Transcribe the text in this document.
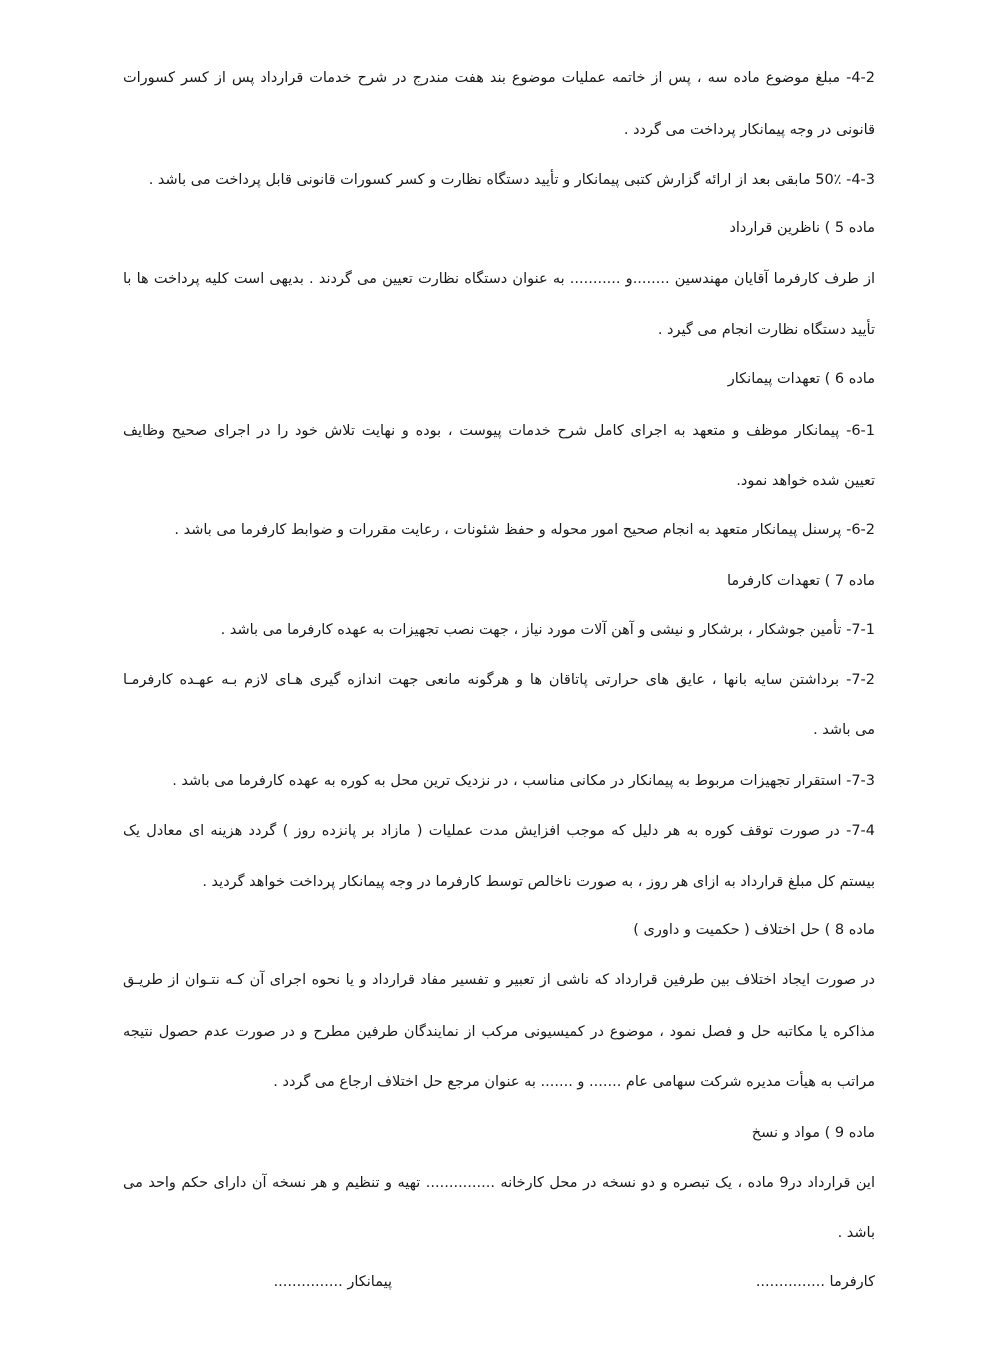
4-2- مبلغ موضوع ماده سه ، پس از خاتمه عملیات موضوع بند هفت مندرج در شرح خدمات قرارداد پس از کسر کسورات
قانونی در وجه پیمانکار پرداخت می گردد .
4-3- 50٪ مابقی بعد از ارائه گزارش کتبی پیمانکار و تأیید دستگاه نظارت و کسر کسورات قانونی قابل پرداخت می باشد .
ماده 5 ) ناظرین قرارداد
از طرف کارفرما آقایان مهندسین ........و ........... به عنوان دستگاه نظارت تعیین می گردند . بدیهی است کلیه پرداخت ها با
تأیید دستگاه نظارت انجام می گیرد .
ماده 6 ) تعهدات پیمانکار
6-1- پیمانکار موظف و متعهد به اجرای کامل شرح خدمات پیوست ، بوده و نهایت تلاش خود را در اجرای صحیح وظایف
تعیین شده خواهد نمود.
6-2- پرسنل پیمانکار متعهد به انجام صحیح امور محوله و حفظ شئونات ، رعایت مقررات و ضوابط کارفرما می باشد .
ماده 7 ) تعهدات کارفرما
7-1- تأمین جوشکار ، برشکار و نیشی و آهن آلات مورد نیاز ، جهت نصب تجهیزات به عهده کارفرما می باشد .
7-2- برداشتن سایه بانها ، عایق های حرارتی پاتاقان ها و هرگونه مانعی جهت اندازه گیری هـای لازم بـه عهـده کارفرمـا
می باشد .
7-3- استقرار تجهیزات مربوط به پیمانکار در مکانی مناسب ، در نزدیک ترین محل به کوره به عهده کارفرما می باشد .
7-4- در صورت توقف کوره به هر دلیل که موجب افزایش مدت عملیات ( مازاد بر پانزده روز ) گردد هزینه ای معادل یک
بیستم کل مبلغ قرارداد به ازای هر روز ، به صورت ناخالص توسط کارفرما در وجه پیمانکار پرداخت خواهد گردید .
ماده 8 ) حل اختلاف ( حکمیت و داوری )
در صورت ایجاد اختلاف بین طرفین قرارداد که ناشی از تعبیر و تفسیر مفاد قرارداد و یا نحوه اجرای آن کـه نتـوان از طریـق
مذاکره یا مکاتبه حل و فصل نمود ، موضوع در کمیسیونی مرکب از نمایندگان طرفین مطرح و در صورت عدم حصول نتیجه
مراتب به هیأت مدیره شرکت سهامی عام ....... و ....... به عنوان مرجع حل اختلاف ارجاع می گردد .
ماده 9 ) مواد و نسخ
این قرارداد در9 ماده ، یک تبصره و دو نسخه در محل کارخانه ............... تهیه و تنظیم و هر نسخه آن دارای حکم واحد می
باشد .
کارفرما ...............
پیمانکار ...............
